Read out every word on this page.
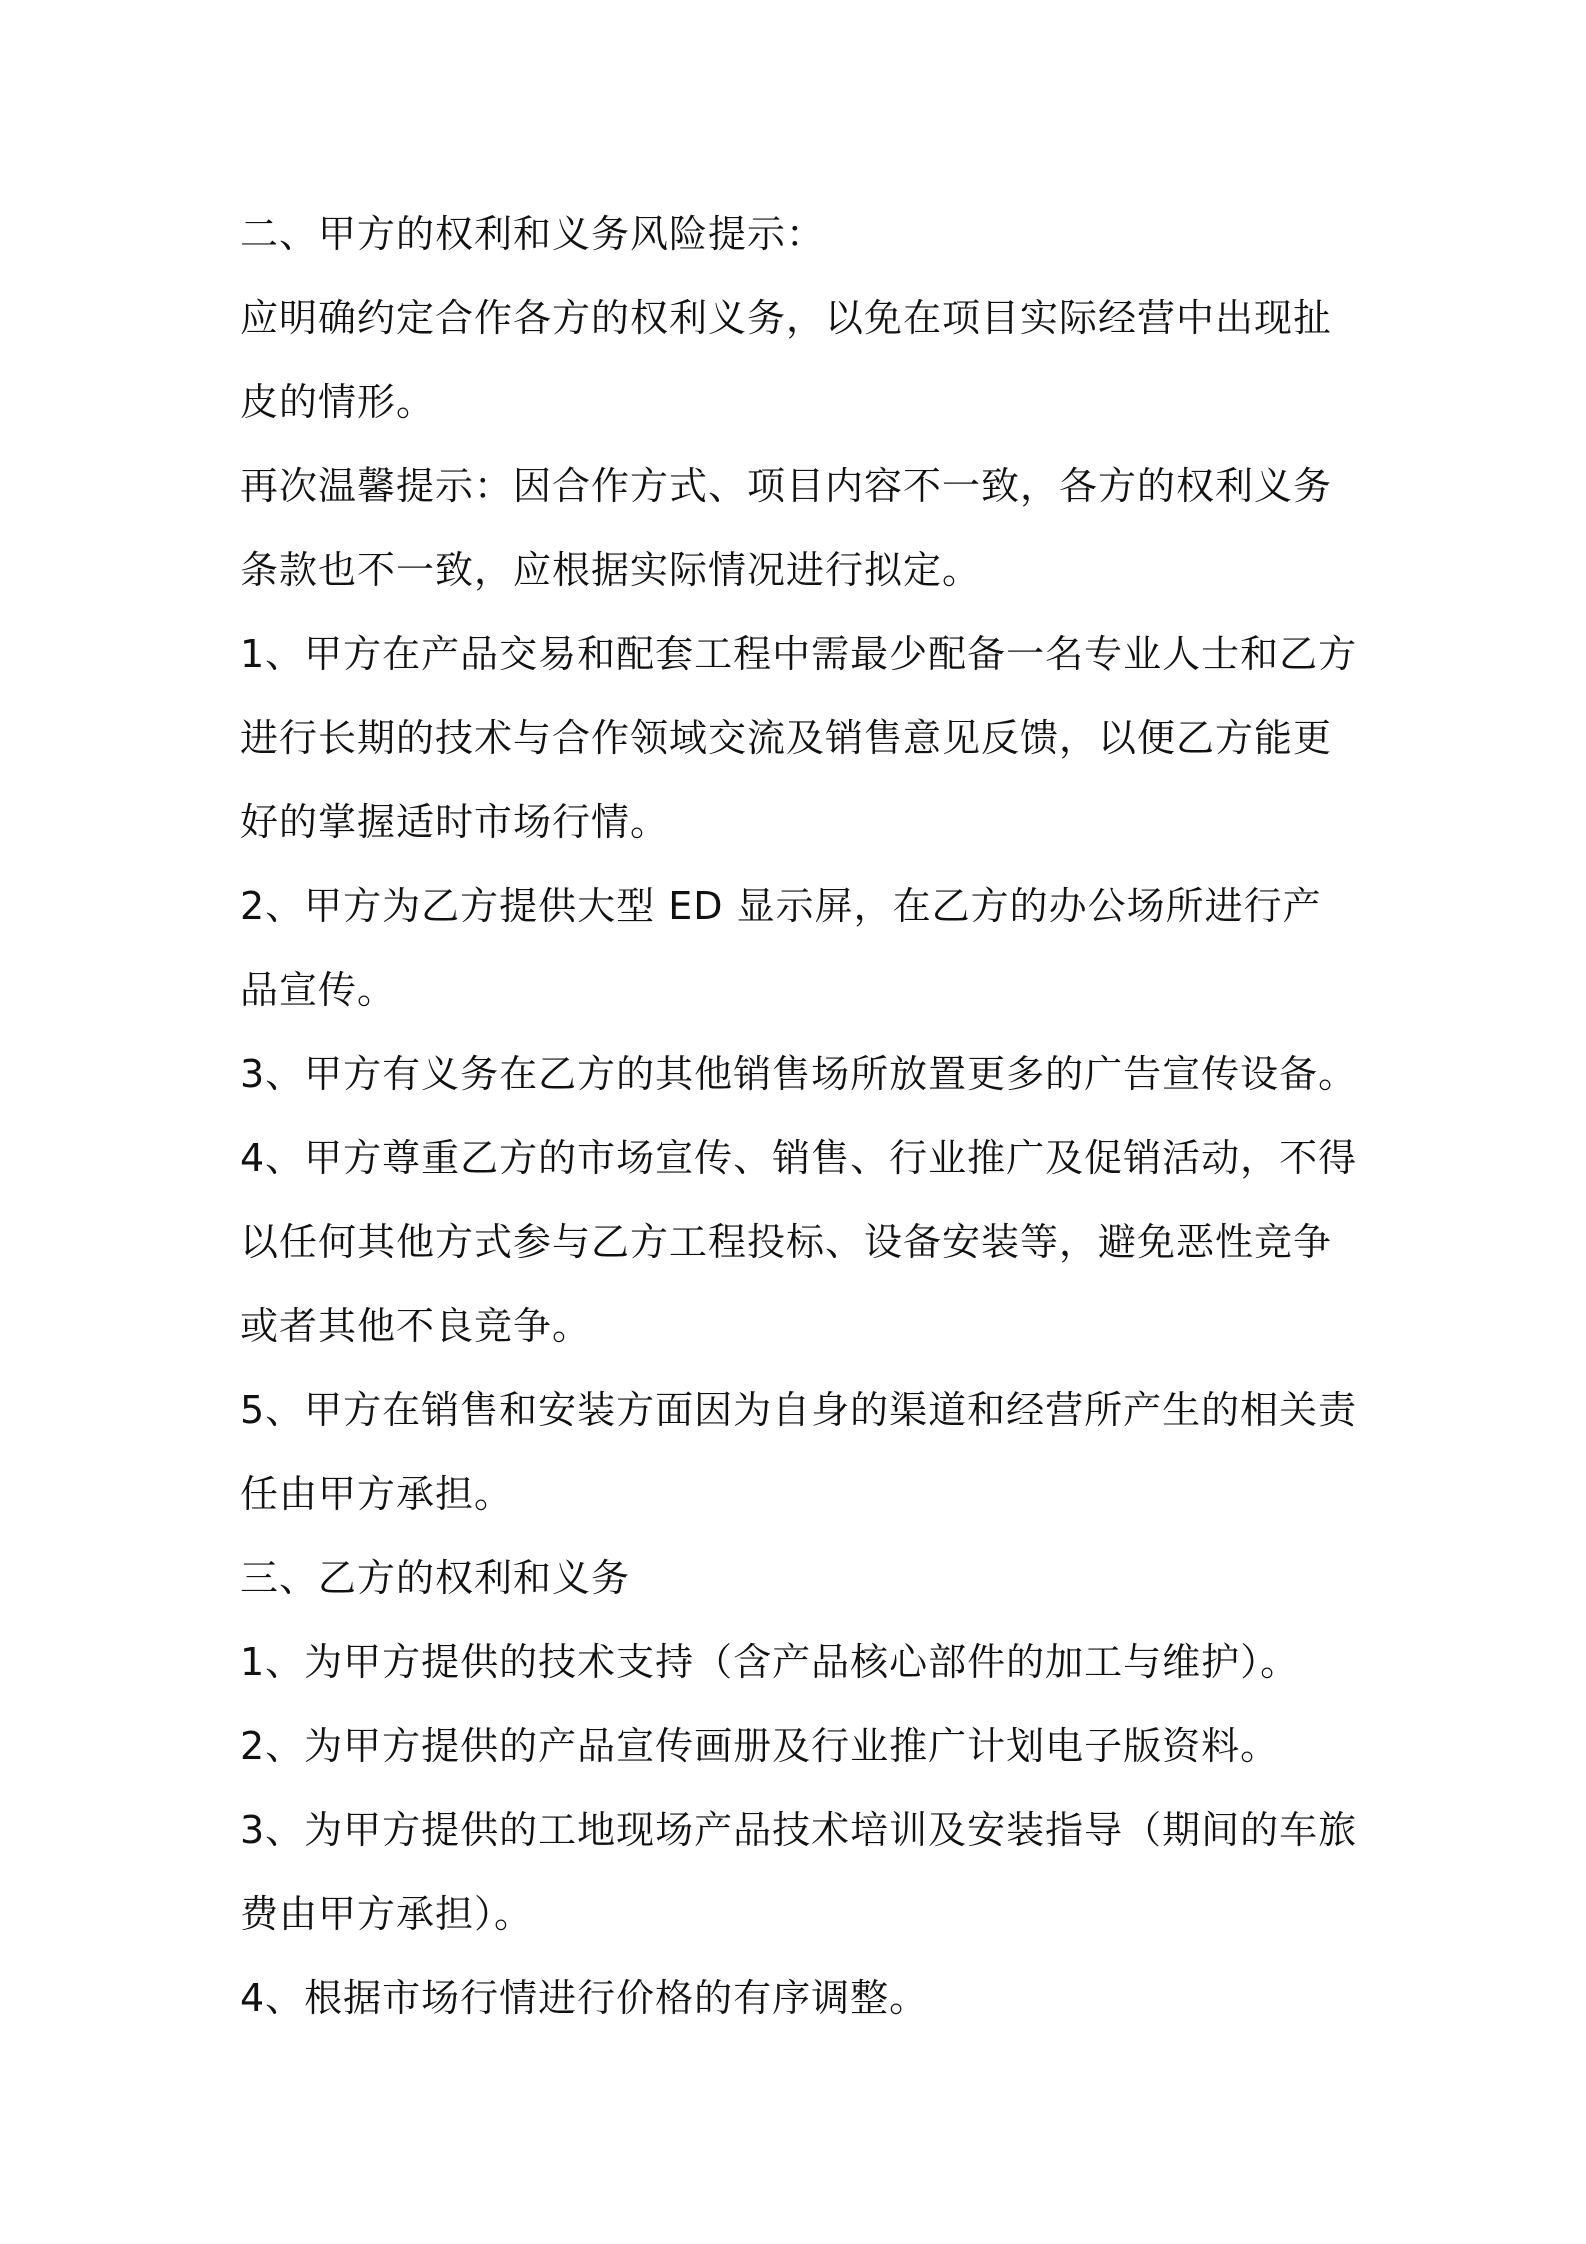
二、甲方的权利和义务风险提示：

应明确约定合作各方的权利义务，以免在项目实际经营中出现扯皮的情形。

再次温馨提示：因合作方式、项目内容不一致，各方的权利义务条款也不一致，应根据实际情况进行拟定。

1、甲方在产品交易和配套工程中需最少配备一名专业人士和乙方进行长期的技术与合作领域交流及销售意见反馈，以便乙方能更好的掌握适时市场行情。

2、甲方为乙方提供大型 ED 显示屏，在乙方的办公场所进行产品宣传。

3、甲方有义务在乙方的其他销售场所放置更多的广告宣传设备。

4、甲方尊重乙方的市场宣传、销售、行业推广及促销活动，不得以任何其他方式参与乙方工程投标、设备安装等，避免恶性竞争或者其他不良竞争。

5、甲方在销售和安装方面因为自身的渠道和经营所产生的相关责任由甲方承担。

三、乙方的权利和义务

1、为甲方提供的技术支持（含产品核心部件的加工与维护）。

2、为甲方提供的产品宣传画册及行业推广计划电子版资料。

3、为甲方提供的工地现场产品技术培训及安装指导（期间的车旅费由甲方承担）。

4、根据市场行情进行价格的有序调整。
